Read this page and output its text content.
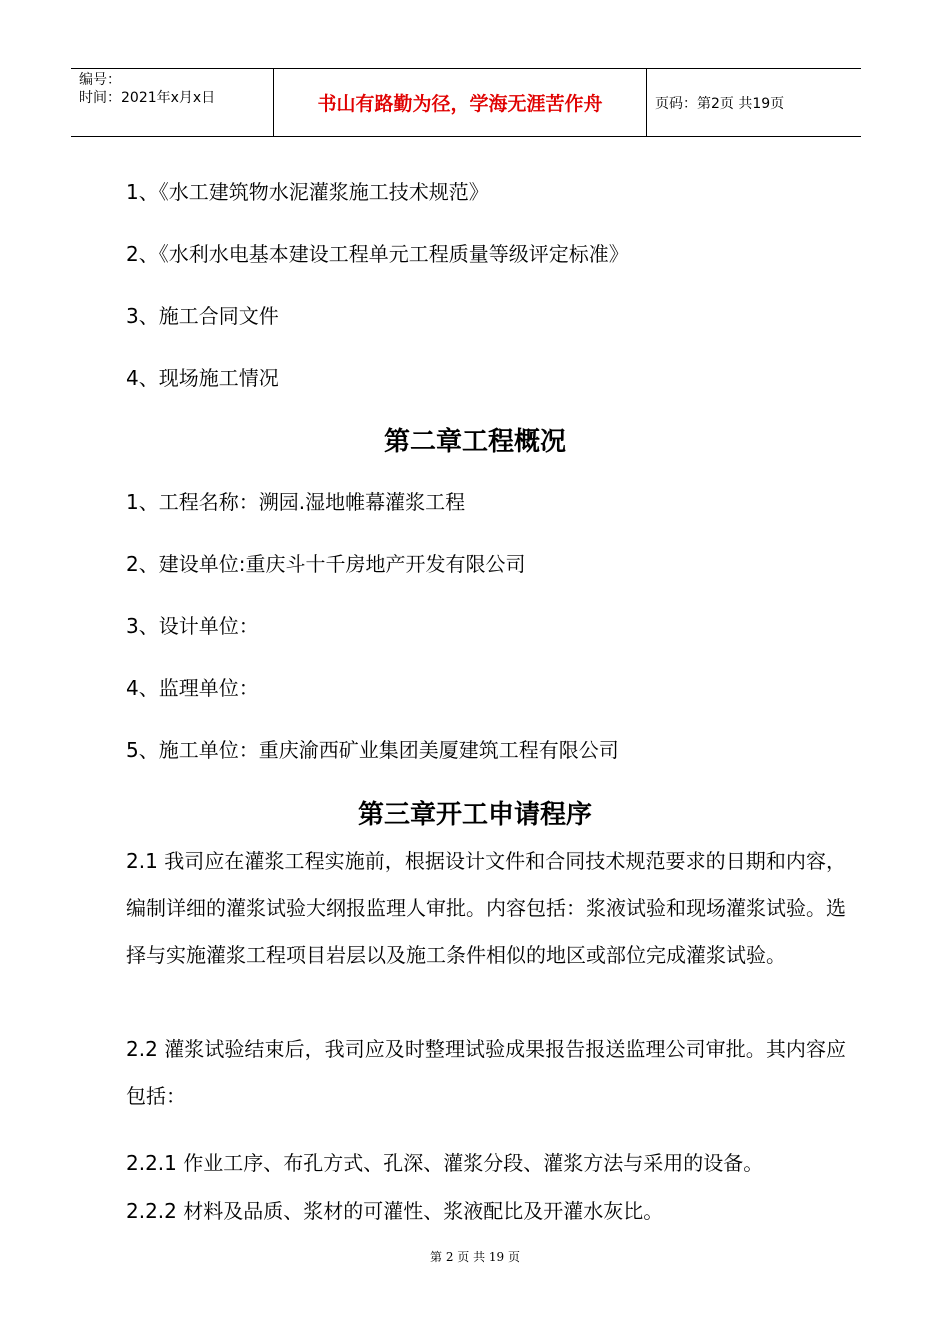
编号：
时间：2021年x月x日	书山有路勤为径，学海无涯苦作舟	页码：第2页 共19页
1、《水工建筑物水泥灌浆施工技术规范》
2、《水利水电基本建设工程单元工程质量等级评定标准》
3、施工合同文件
4、现场施工情况
第二章工程概况
1、工程名称：溯园.湿地帷幕灌浆工程
2、建设单位:重庆斗十千房地产开发有限公司
3、设计单位：
4、监理单位：
5、施工单位：重庆渝西矿业集团美厦建筑工程有限公司
第三章开工申请程序
2.1 我司应在灌浆工程实施前，根据设计文件和合同技术规范要求的日期和内容，编制详细的灌浆试验大纲报监理人审批。内容包括：浆液试验和现场灌浆试验。选择与实施灌浆工程项目岩层以及施工条件相似的地区或部位完成灌浆试验。
2.2 灌浆试验结束后，我司应及时整理试验成果报告报送监理公司审批。其内容应包括：
2.2.1 作业工序、布孔方式、孔深、灌浆分段、灌浆方法与采用的设备。
2.2.2 材料及品质、浆材的可灌性、浆液配比及开灌水灰比。
第 2 页 共 19 页
